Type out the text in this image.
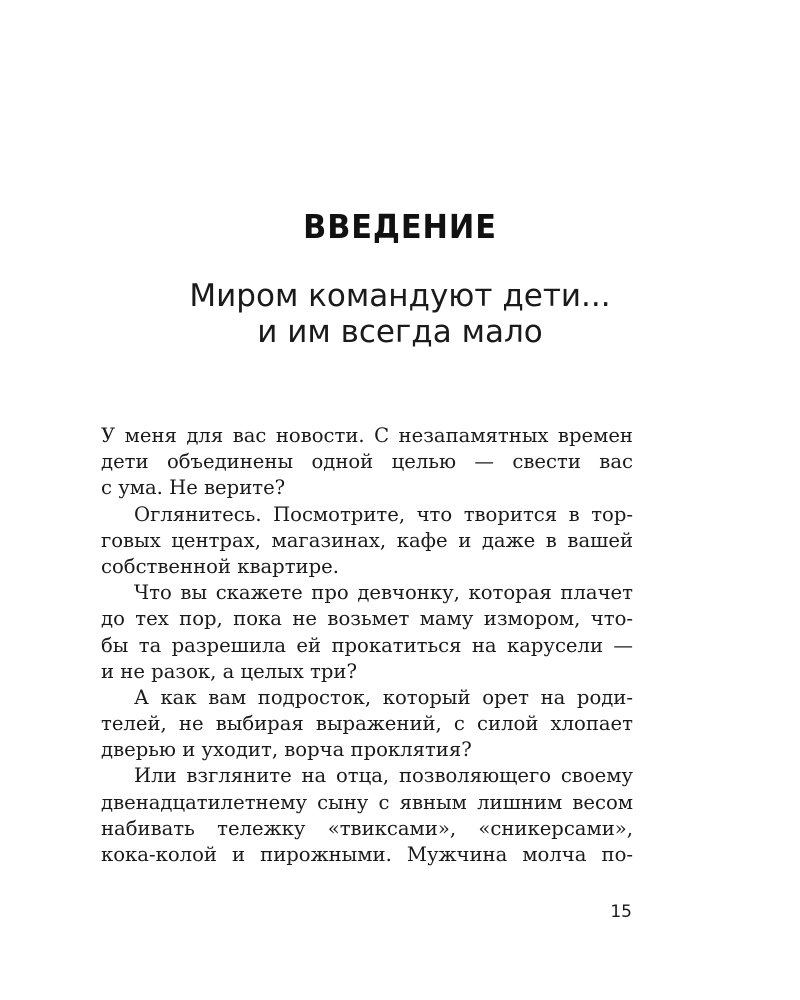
ВВЕДЕНИЕ
Миром командуют дети...
и им всегда мало
У меня для вас новости. С незапамятных времен
дети объединены одной целью — свести вас
с ума. Не верите?
Оглянитесь. Посмотрите, что творится в тор-
говых центрах, магазинах, кафе и даже в вашей
собственной квартире.
Что вы скажете про девчонку, которая плачет
до тех пор, пока не возьмет маму измором, что-
бы та разрешила ей прокатиться на карусели —
и не разок, а целых три?
А как вам подросток, который орет на роди-
телей, не выбирая выражений, с силой хлопает
дверью и уходит, ворча проклятия?
Или взгляните на отца, позволяющего своему
двенадцатилетнему сыну с явным лишним весом
набивать тележку «твиксами», «сникерсами»,
кока-колой и пирожными. Мужчина молча по-
15
